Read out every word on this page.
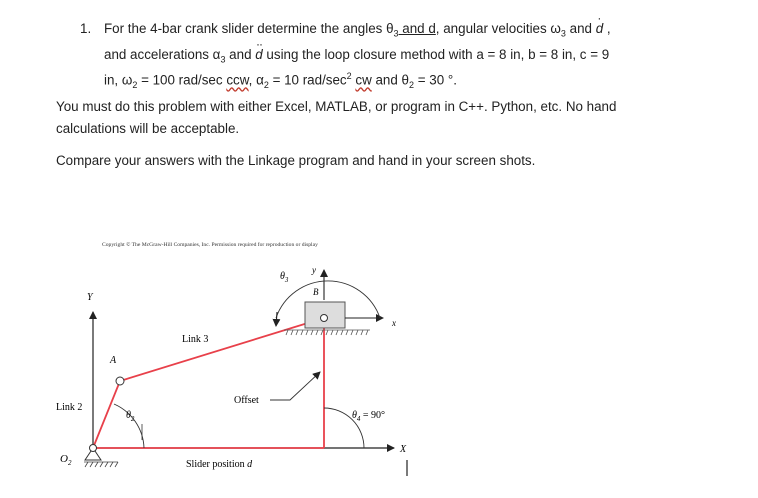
1. For the 4-bar crank slider determine the angles $\theta_3$ and d, angular velocities $\omega_3$ and · d ,
and accelerations $\alpha_3$ and ·· d using the loop closure method with a = 8 in, b = 8 in, c = 9
in, $\omega_2 = 100$ rad/sec ccw, $\alpha_2 = 10$ rad/$\sec^2$ cw and $\theta_2 = 30$ °.
You must do this problem with either Excel, MATLAB, or program in C++. Python, etc. No hand
calculations will be acceptable.
Compare your answers with the Linkage program and hand in your screen shots.
Copyright © The McGraw-Hill Companies, Inc. Permission required for reproduction or display
Y
X
y
x
A
B
$O_2$
$\theta_2$
$\theta_3$
$\theta_4 = 90^\circ$
Link 2
Link 3
Offset
Slider position d
